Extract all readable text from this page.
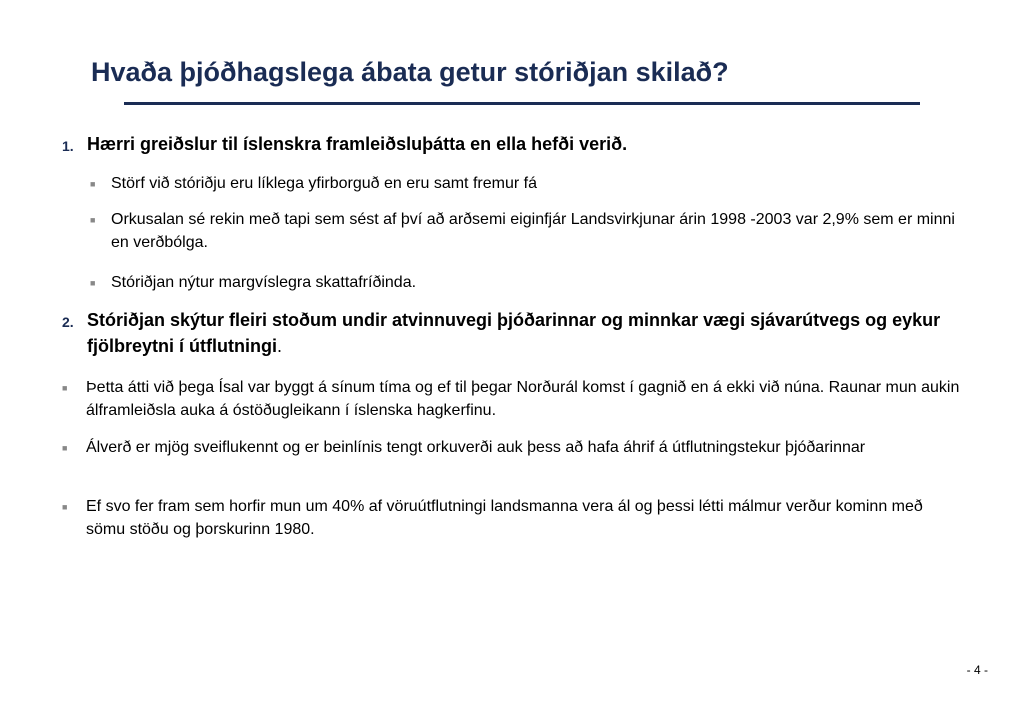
Hvaða þjóðhagslega ábata getur stóriðjan skilað?
1. Hærri greiðslur til íslenskra framleiðsluþátta en ella hefði verið.
■ Störf við stóriðju eru líklega yfirborguð en eru samt fremur fá
■ Orkusalan sé rekin með tapi sem sést af því að arðsemi eiginfjár Landsvirkjunar árin 1998 -2003 var 2,9% sem er minni en verðbólga.
■ Stóriðjan nýtur margvíslegra skattafríðinda.
2. Stóriðjan skýtur fleiri stoðum undir atvinnuvegi þjóðarinnar og minnkar vægi sjávarútvegs og eykur fjölbreytni í útflutningi.
■ Þetta átti við þega Ísal var byggt á sínum tíma og ef til þegar Norðurál komst í gagnið en á ekki við núna. Raunar mun aukin álframleiðsla auka á óstöðugleikann í íslenska hagkerfinu.
■ Álverð er mjög sveiflukennt og er beinlínis tengt orkuverði auk þess að hafa áhrif á útflutningstekur þjóðarinnar
■ Ef svo fer fram sem horfir mun um 40% af vöruútflutningi landsmanna vera ál og þessi létti málmur verður kominn með sömu stöðu og þorskurinn 1980.
- 4 -
